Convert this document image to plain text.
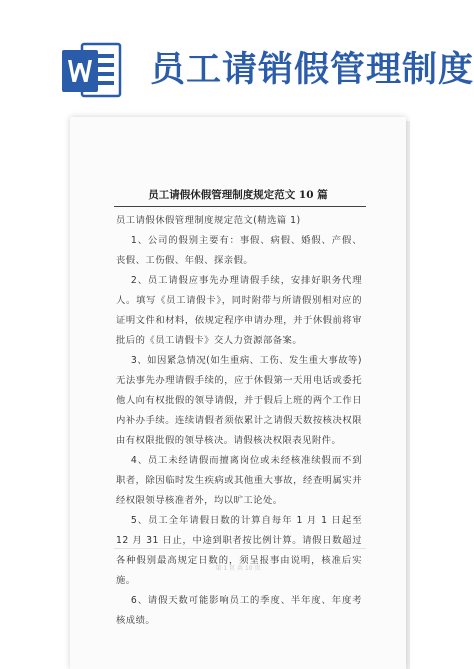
员工请销假管理制度
员工请假休假管理制度规定范文 10 篇

员工请假休假管理制度规定范文(精选篇 1)

1、公司的假别主要有：事假、病假、婚假、产假、丧假、工伤假、年假、探亲假。

2、员工请假应事先办理请假手续，安排好职务代理人。填写《员工请假卡》，同时附带与所请假别相对应的证明文件和材料，依规定程序申请办理，并于休假前将审批后的《员工请假卡》交人力资源部备案。

3、如因紧急情况(如生重病、工伤、发生重大事故等)无法事先办理请假手续的，应于休假第一天用电话或委托他人向有权批假的领导请假，并于假后上班的两个工作日内补办手续。连续请假者须依累计之请假天数按核决权限由有权限批假的领导核决。请假核决权限表见附件。

4、员工未经请假而擅离岗位或未经核准续假而不到职者，除因临时发生疾病或其他重大事故，经查明属实并经权限领导核准者外，均以旷工论处。

5、员工全年请假日数的计算自每年 1 月 1 日起至 12 月 31 日止，中途到职者按比例计算。请假日数超过各种假别最高规定日数的，须呈报事由说明，核准后实施。

6、请假天数可能影响员工的季度、半年度、年度考核成绩。

第 1 页 共 10 页
